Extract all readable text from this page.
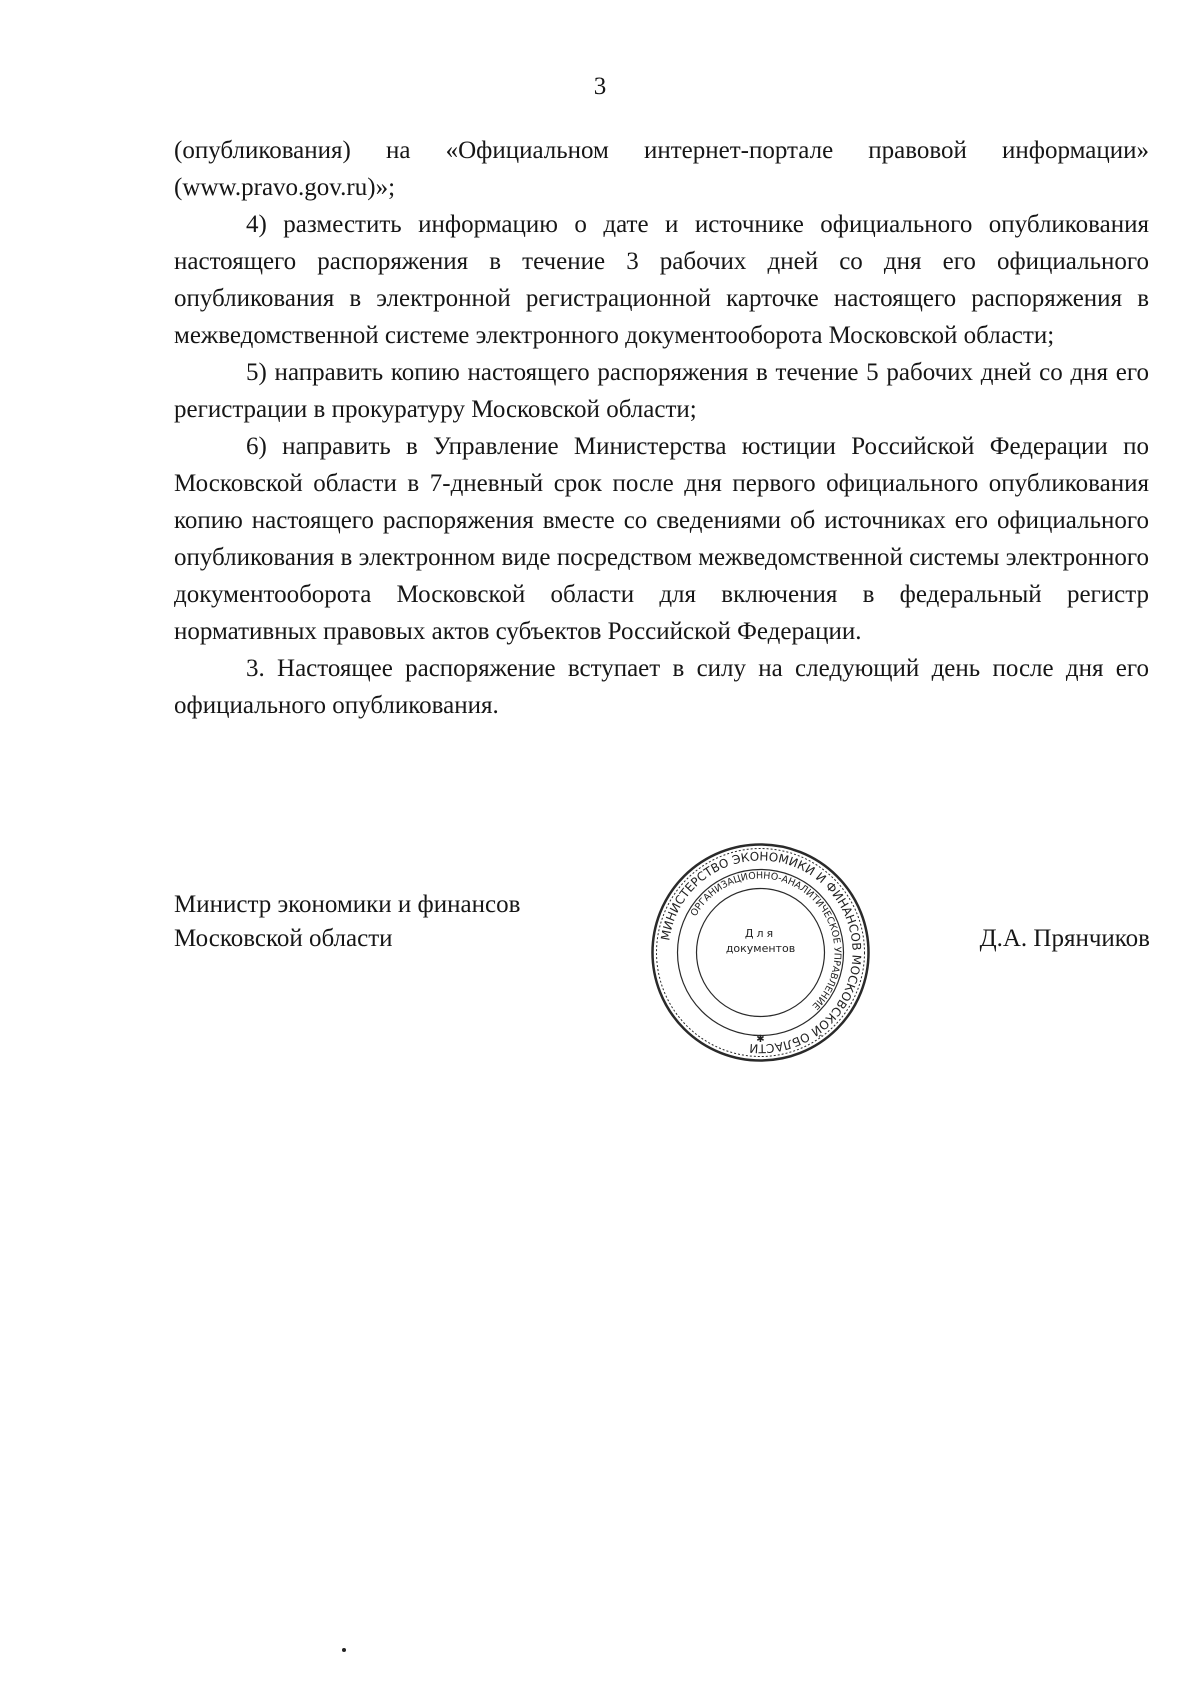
3

(опубликования) на «Официальном интернет-портале правовой информации» (www.pravo.gov.ru)»;

4) разместить информацию о дате и источнике официального опубликования настоящего распоряжения в течение 3 рабочих дней со дня его официального опубликования в электронной регистрационной карточке настоящего распоряжения в межведомственной системе электронного документооборота Московской области;

5) направить копию настоящего распоряжения в течение 5 рабочих дней со дня его регистрации в прокуратуру Московской области;

6) направить в Управление Министерства юстиции Российской Федерации по Московской области в 7-дневный срок после дня первого официального опубликования копию настоящего распоряжения вместе со сведениями об источниках его официального опубликования в электронном виде посредством межведомственной системы электронного документооборота Московской области для включения в федеральный регистр нормативных правовых актов субъектов Российской Федерации.

3. Настоящее распоряжение вступает в силу на следующий день после дня его официального опубликования.

Министр экономики и финансов
Московской области	МИНИСТЕРСТВО ЭКОНОМИКИ И ФИНАНСОВ МОСКОВСКОЙ ОБЛАСТИ
ОРГАНИЗАЦИОННО-АНАЛИТИЧЕСКОЕ УПРАВЛЕНИЕ
✱
Для
документов	Д.А. Прянчиков
